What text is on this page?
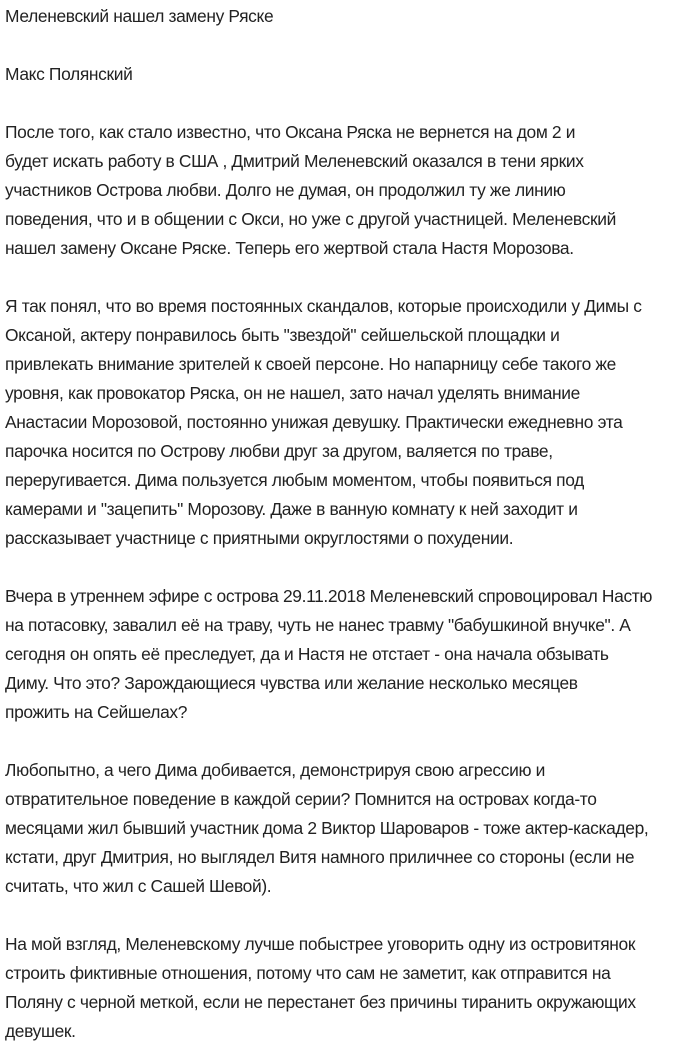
Меленевский нашел замену Ряске

Макс Полянский

После того, как стало известно, что Оксана Ряска не вернется на дом 2 и
будет искать работу в США , Дмитрий Меленевский оказался в тени ярких
участников Острова любви. Долго не думая, он продолжил ту же линию
поведения, что и в общении с Окси, но уже с другой участницей. Меленевский
нашел замену Оксане Ряске. Теперь его жертвой стала Настя Морозова.

Я так понял, что во время постоянных скандалов, которые происходили у Димы с
Оксаной, актеру понравилось быть "звездой" сейшельской площадки и
привлекать внимание зрителей к своей персоне. Но напарницу себе такого же
уровня, как провокатор Ряска, он не нашел, зато начал уделять внимание
Анастасии Морозовой, постоянно унижая девушку. Практически ежедневно эта
парочка носится по Острову любви друг за другом, валяется по траве,
переругивается. Дима пользуется любым моментом, чтобы появиться под
камерами и "зацепить" Морозову. Даже в ванную комнату к ней заходит и
рассказывает участнице с приятными округлостями о похудении.

Вчера в утреннем эфире с острова 29.11.2018 Меленевский спровоцировал Настю
на потасовку, завалил её на траву, чуть не нанес травму "бабушкиной внучке". А
сегодня он опять её преследует, да и Настя не отстает - она начала обзывать
Диму. Что это? Зарождающиеся чувства или желание несколько месяцев
прожить на Сейшелах?

Любопытно, а чего Дима добивается, демонстрируя свою агрессию и
отвратительное поведение в каждой серии? Помнится на островах когда-то
месяцами жил бывший участник дома 2 Виктор Шароваров - тоже актер-каскадер,
кстати, друг Дмитрия, но выглядел Витя намного приличнее со стороны (если не
считать, что жил с Сашей Шевой).

На мой взгляд, Меленевскому лучше побыстрее уговорить одну из островитянок
строить фиктивные отношения, потому что сам не заметит, как отправится на
Поляну с черной меткой, если не перестанет без причины тиранить окружающих
девушек.
